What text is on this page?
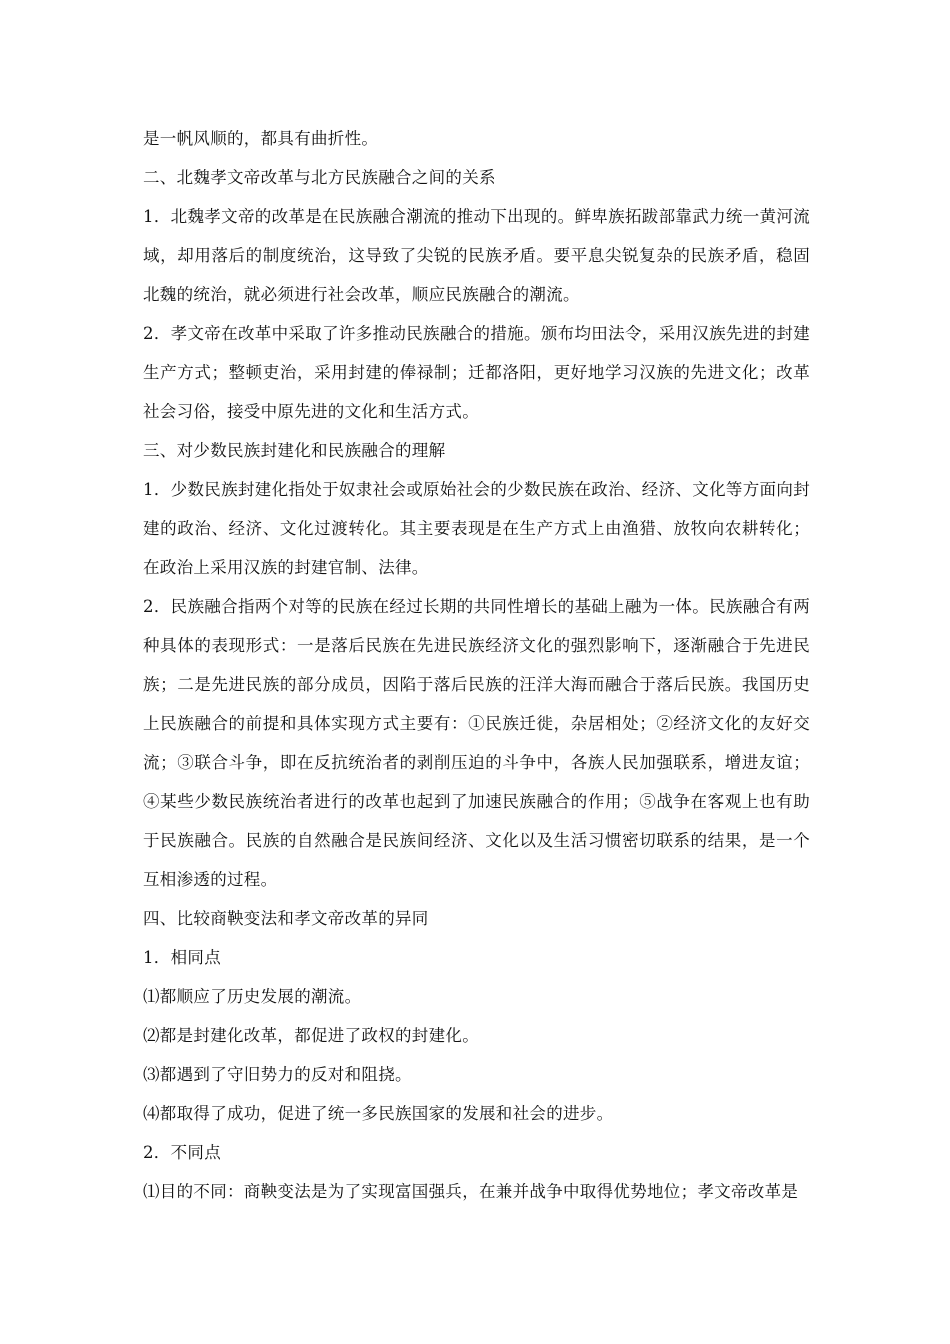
是一帆风顺的，都具有曲折性。

二、北魏孝文帝改革与北方民族融合之间的关系

1．北魏孝文帝的改革是在民族融合潮流的推动下出现的。鲜卑族拓跋部靠武力统一黄河流域，却用落后的制度统治，这导致了尖锐的民族矛盾。要平息尖锐复杂的民族矛盾，稳固北魏的统治，就必须进行社会改革，顺应民族融合的潮流。

2．孝文帝在改革中采取了许多推动民族融合的措施。颁布均田法令，采用汉族先进的封建生产方式；整顿吏治，采用封建的俸禄制；迁都洛阳，更好地学习汉族的先进文化；改革社会习俗，接受中原先进的文化和生活方式。

三、对少数民族封建化和民族融合的理解

1．少数民族封建化指处于奴隶社会或原始社会的少数民族在政治、经济、文化等方面向封建的政治、经济、文化过渡转化。其主要表现是在生产方式上由渔猎、放牧向农耕转化；在政治上采用汉族的封建官制、法律。

2．民族融合指两个对等的民族在经过长期的共同性增长的基础上融为一体。民族融合有两种具体的表现形式：一是落后民族在先进民族经济文化的强烈影响下，逐渐融合于先进民族；二是先进民族的部分成员，因陷于落后民族的汪洋大海而融合于落后民族。我国历史上民族融合的前提和具体实现方式主要有：①民族迁徙，杂居相处；②经济文化的友好交流；③联合斗争，即在反抗统治者的剥削压迫的斗争中，各族人民加强联系，增进友谊；④某些少数民族统治者进行的改革也起到了加速民族融合的作用；⑤战争在客观上也有助于民族融合。民族的自然融合是民族间经济、文化以及生活习惯密切联系的结果，是一个互相渗透的过程。

四、比较商鞅变法和孝文帝改革的异同

1．相同点

⑴都顺应了历史发展的潮流。

⑵都是封建化改革，都促进了政权的封建化。

⑶都遇到了守旧势力的反对和阻挠。

⑷都取得了成功，促进了统一多民族国家的发展和社会的进步。

2．不同点

⑴目的不同：商鞅变法是为了实现富国强兵，在兼并战争中取得优势地位；孝文帝改革是
